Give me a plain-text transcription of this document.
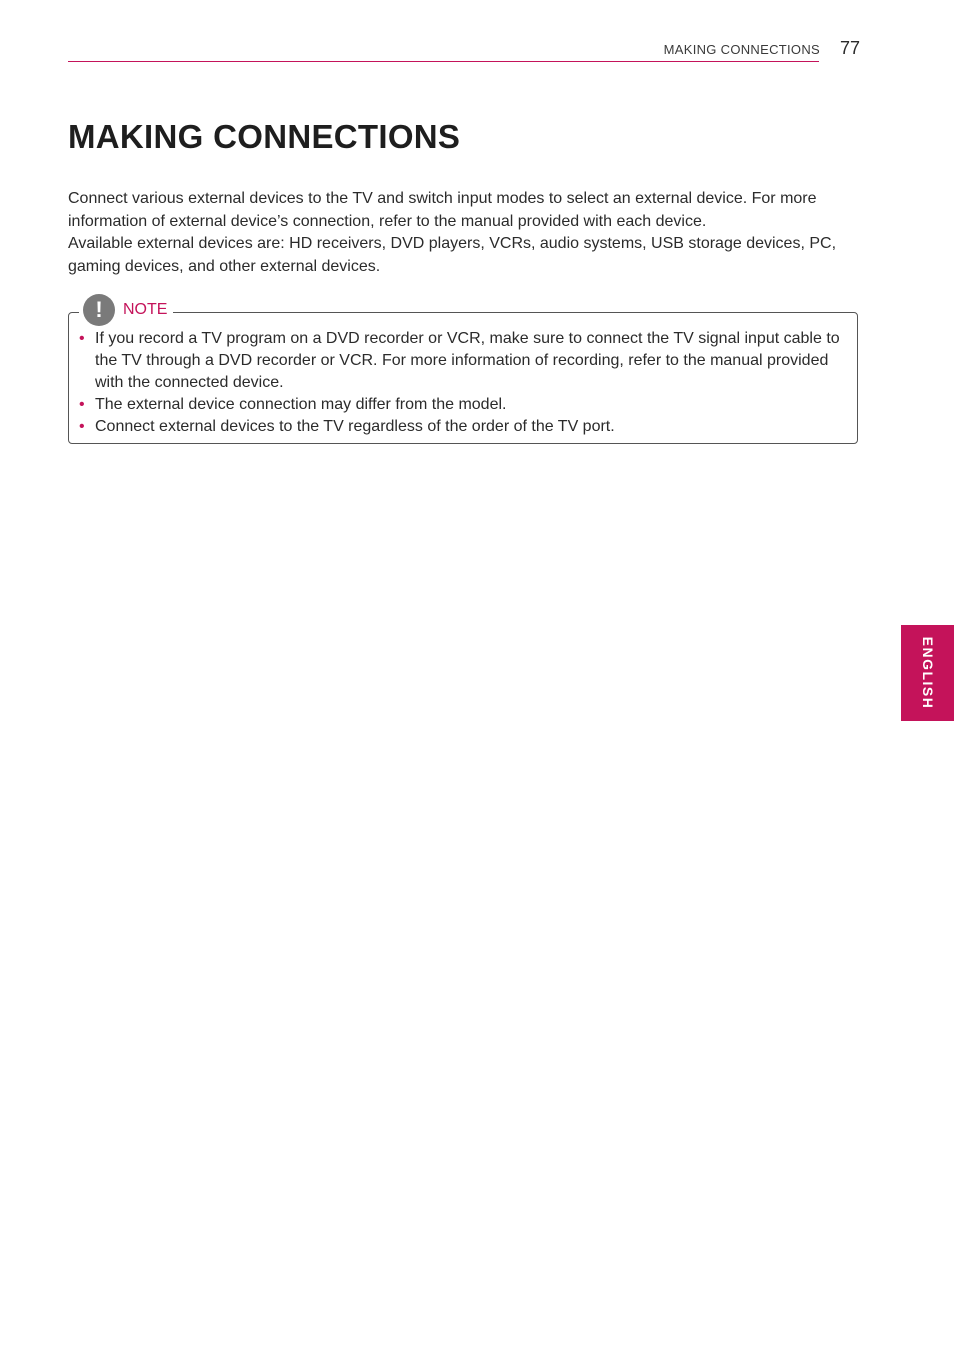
MAKING CONNECTIONS 77
MAKING CONNECTIONS

Connect various external devices to the TV and switch input modes to select an external device. For more information of external device’s connection, refer to the manual provided with each device.

Available external devices are: HD receivers, DVD players, VCRs, audio systems, USB storage devices, PC, gaming devices, and other external devices.

!	NOTE
• If you record a TV program on a DVD recorder or VCR, make sure to connect the TV signal input cable to the TV through a DVD recorder or VCR. For more information of recording, refer to the manual provided with the connected device.
• The external device connection may differ from the model.
• Connect external devices to the TV regardless of the order of the TV port.
ENGLISH
